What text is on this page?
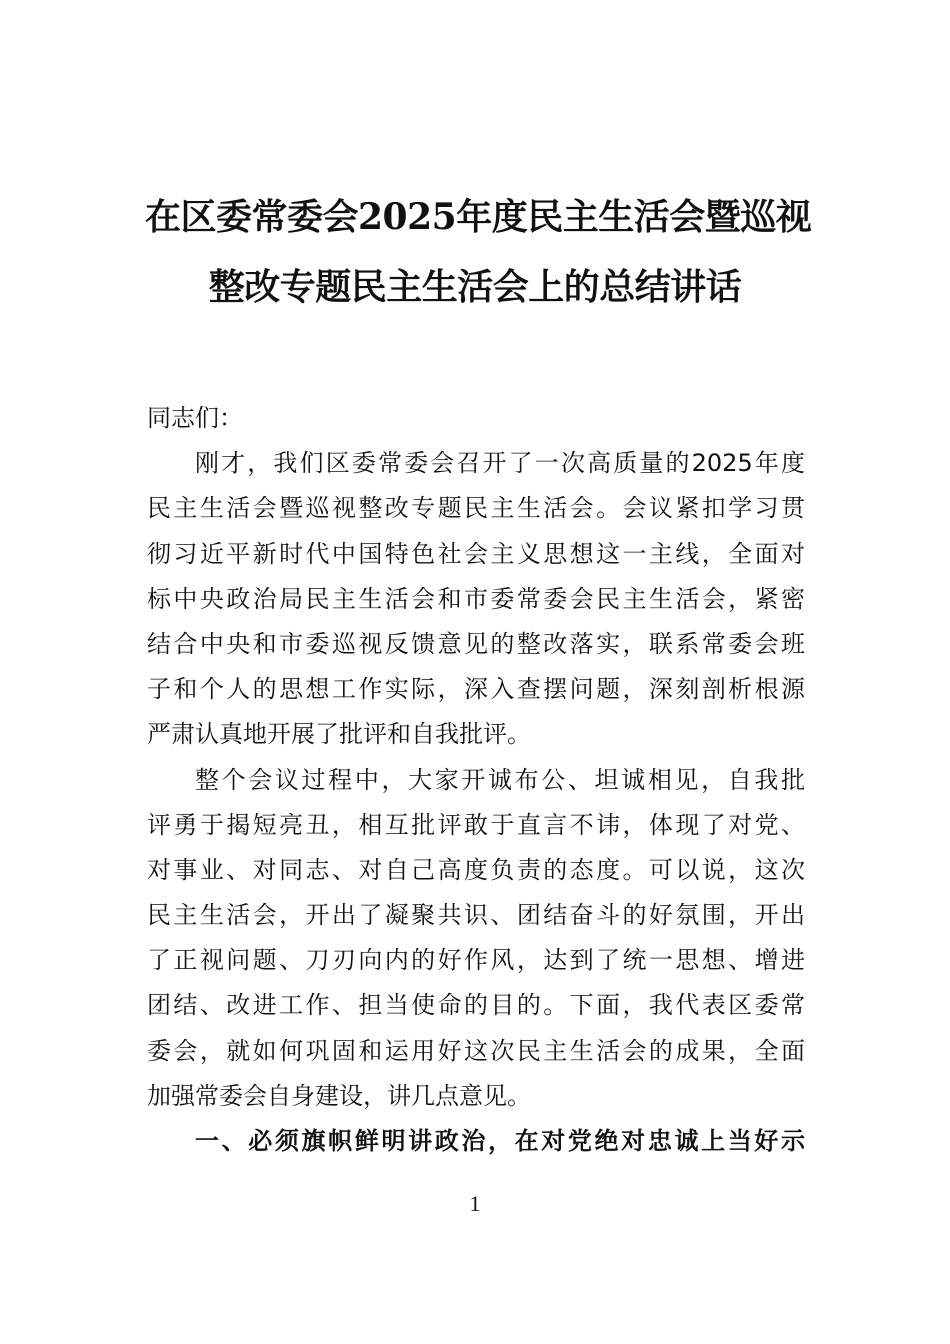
在区委常委会2025年度民主生活会暨巡视
整改专题民主生活会上的总结讲话
同志们：
刚才，我们区委常委会召开了一次高质量的2025年度
民主生活会暨巡视整改专题民主生活会。会议紧扣学习贯
彻习近平新时代中国特色社会主义思想这一主线，全面对
标中央政治局民主生活会和市委常委会民主生活会，紧密
结合中央和市委巡视反馈意见的整改落实，联系常委会班
子和个人的思想工作实际，深入查摆问题，深刻剖析根源
严肃认真地开展了批评和自我批评。
整个会议过程中，大家开诚布公、坦诚相见，自我批
评勇于揭短亮丑，相互批评敢于直言不讳，体现了对党、
对事业、对同志、对自己高度负责的态度。可以说，这次
民主生活会，开出了凝聚共识、团结奋斗的好氛围，开出
了正视问题、刀刃向内的好作风，达到了统一思想、增进
团结、改进工作、担当使命的目的。下面，我代表区委常
委会，就如何巩固和运用好这次民主生活会的成果，全面
加强常委会自身建设，讲几点意见。
一、必须旗帜鲜明讲政治，在对党绝对忠诚上当好示
1
